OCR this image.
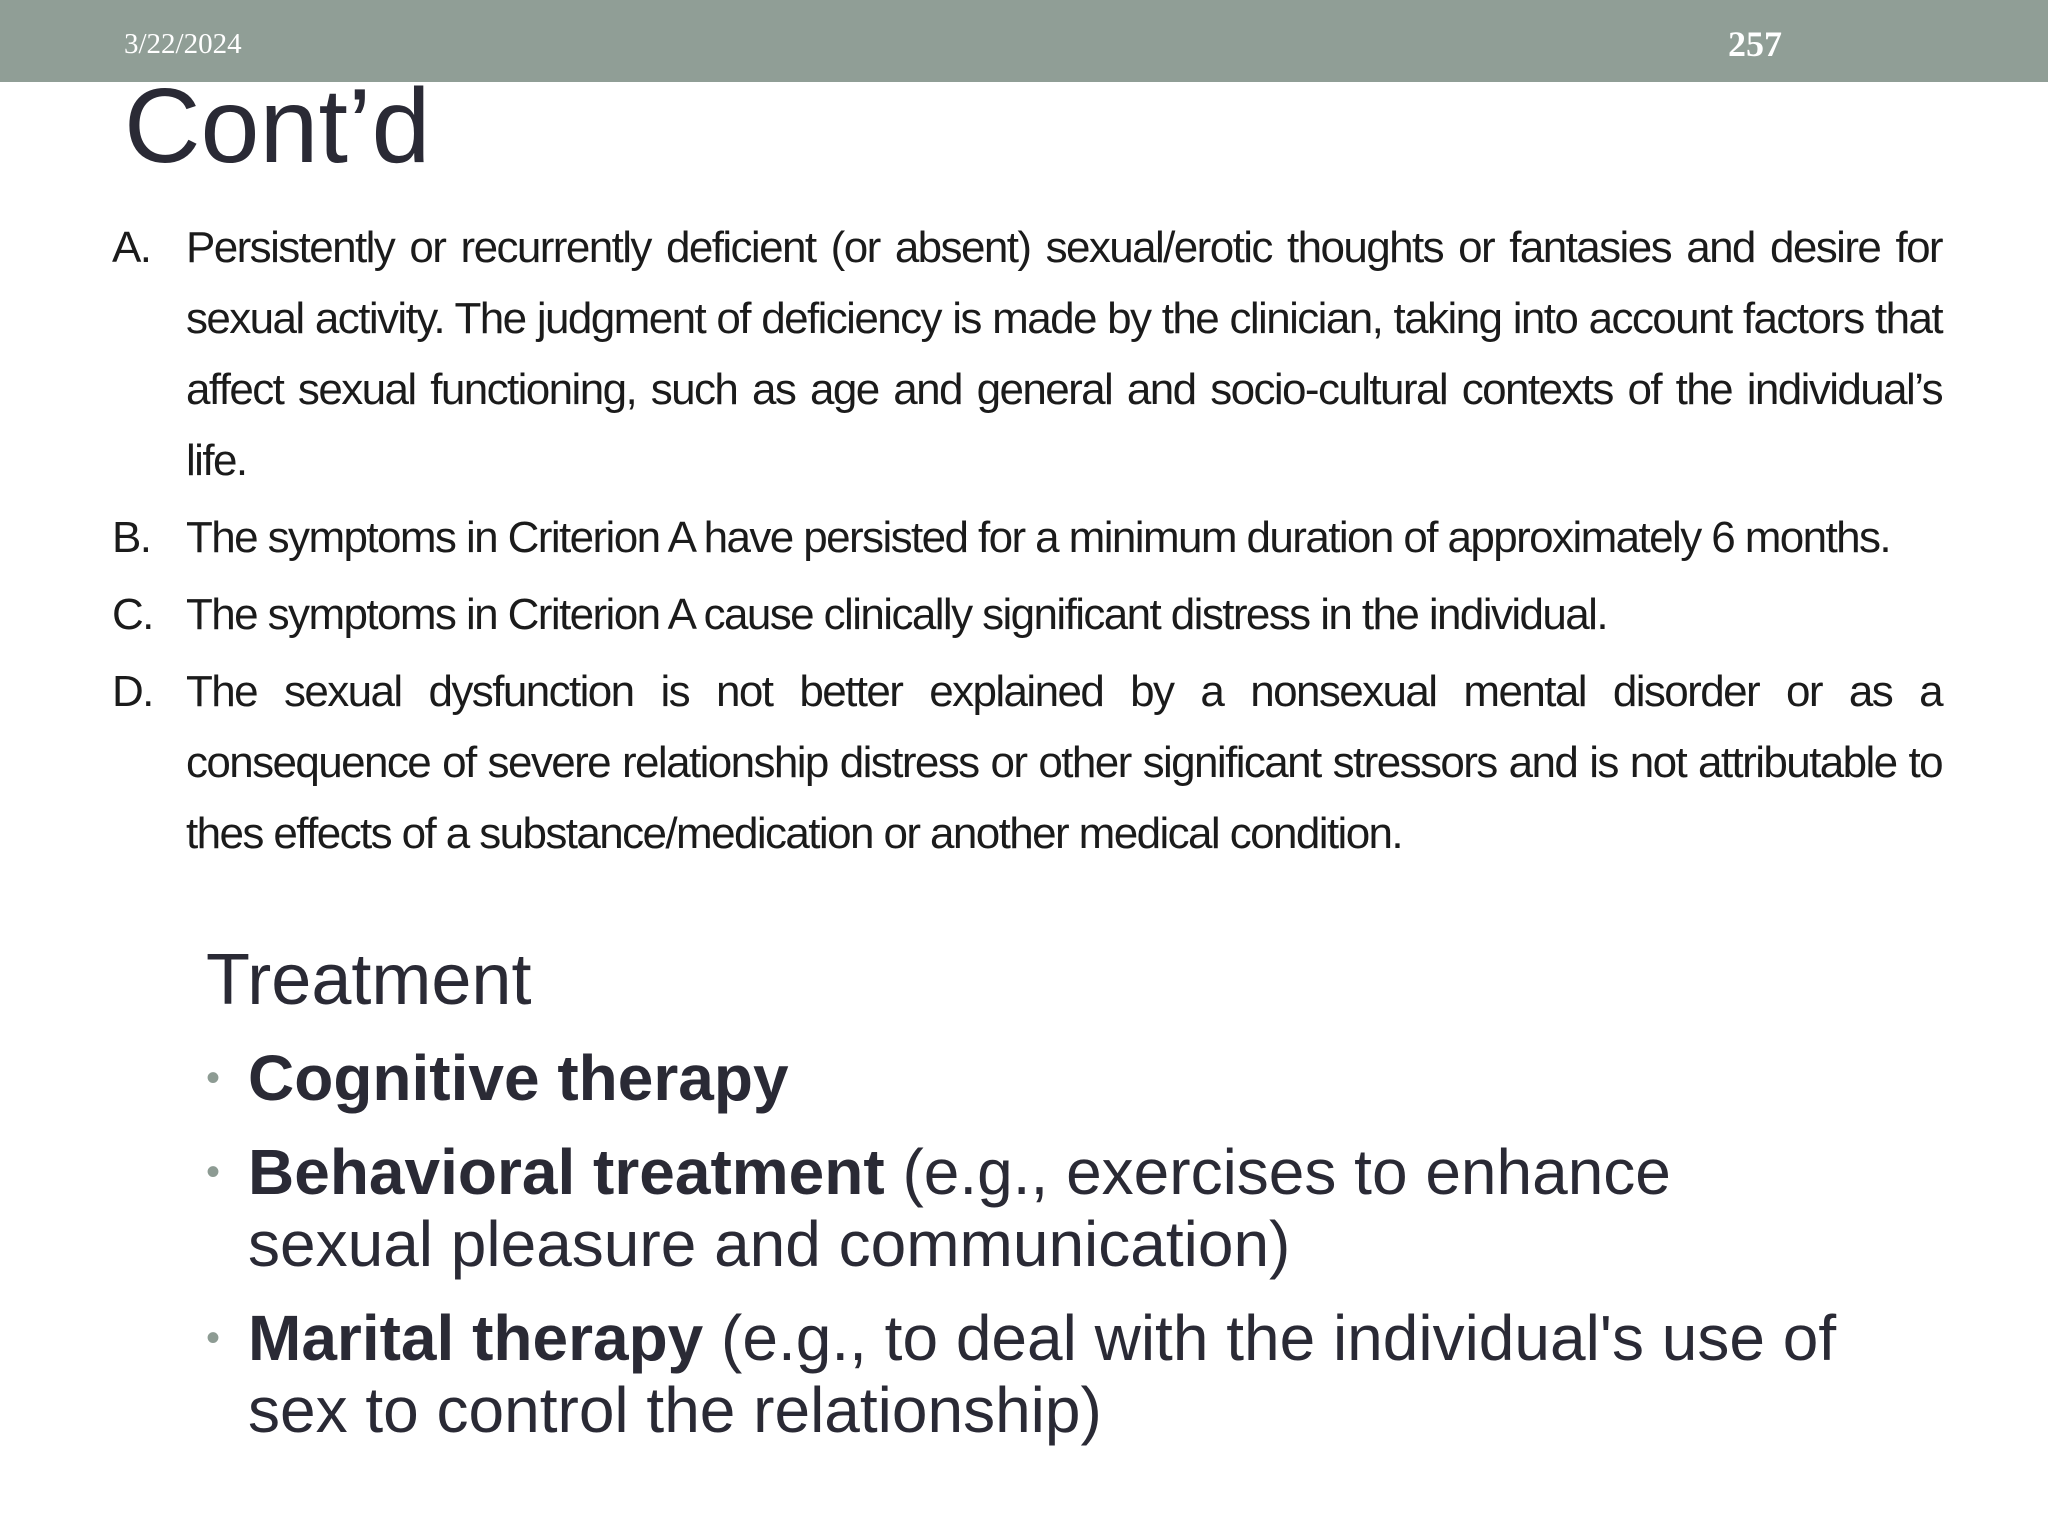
3/22/2024	257
Cont’d
A. Persistently or recurrently deficient (or absent) sexual/erotic thoughts or fantasies and desire for sexual activity. The judgment of deficiency is made by the clinician, taking into account factors that affect sexual functioning, such as age and general and socio-cultural contexts of the individual’s life.
B. The symptoms in Criterion A have persisted for a minimum duration of approximately 6 months.
C. The symptoms in Criterion A cause clinically significant distress in the individual.
D. The sexual dysfunction is not better explained by a nonsexual mental disorder or as a consequence of severe relationship distress or other significant stressors and is not attributable to thes effects of a substance/medication or another medical condition.
Treatment
• Cognitive therapy
• Behavioral treatment (e.g., exercises to enhance sexual pleasure and communication)
• Marital therapy (e.g., to deal with the individual's use of sex to control the relationship)
